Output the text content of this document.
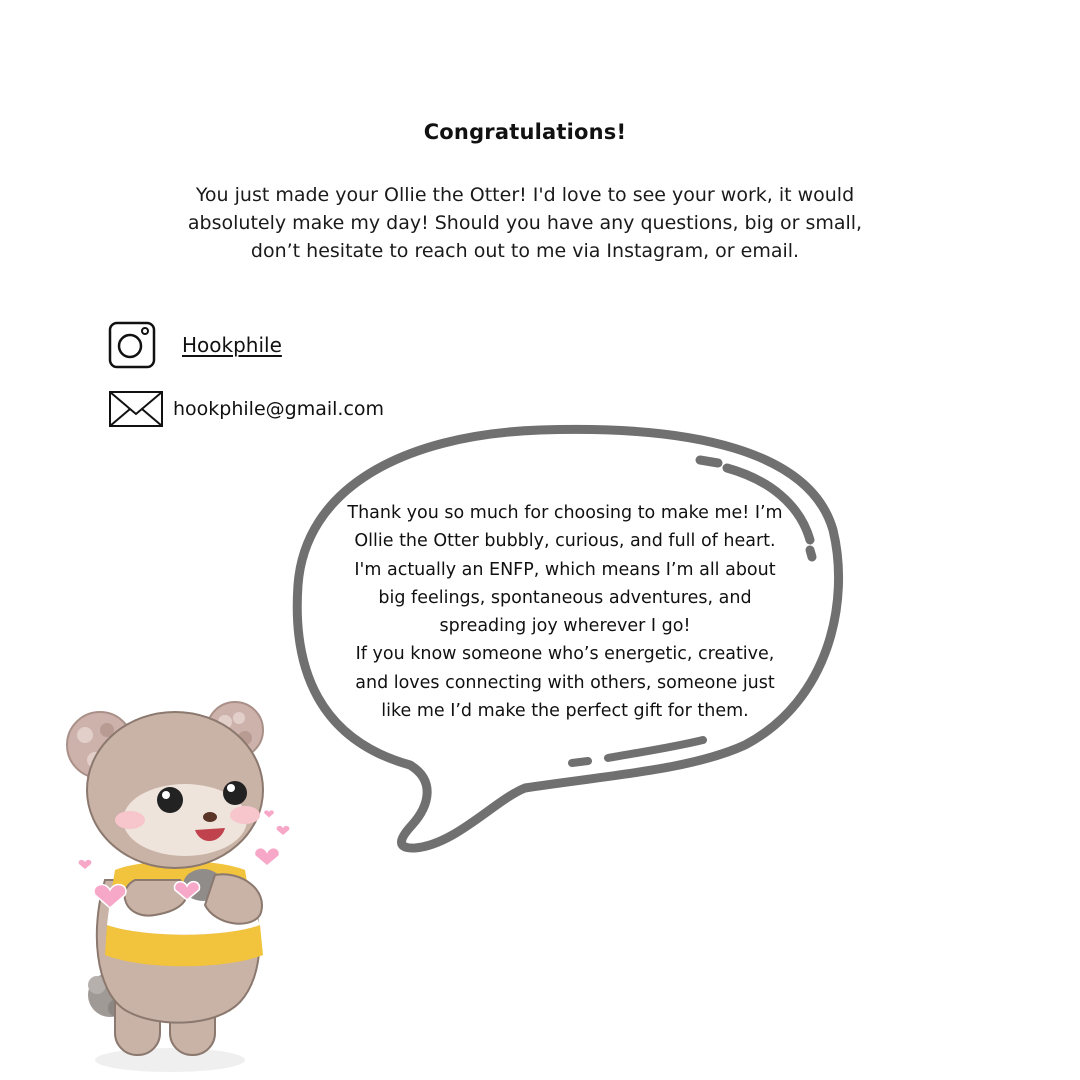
Congratulations!
You just made your Ollie the Otter! I'd love to see your work, it would
absolutely make my day! Should you have any questions, big or small,
don’t hesitate to reach out to me via Instagram, or email.
Hookphile
hookphile@gmail.com
Thank you so much for choosing to make me! I’m
Ollie the Otter bubbly, curious, and full of heart.
I'm actually an ENFP, which means I’m all about
big feelings, spontaneous adventures, and
spreading joy wherever I go!
If you know someone who’s energetic, creative,
and loves connecting with others, someone just
like me I’d make the perfect gift for them.
